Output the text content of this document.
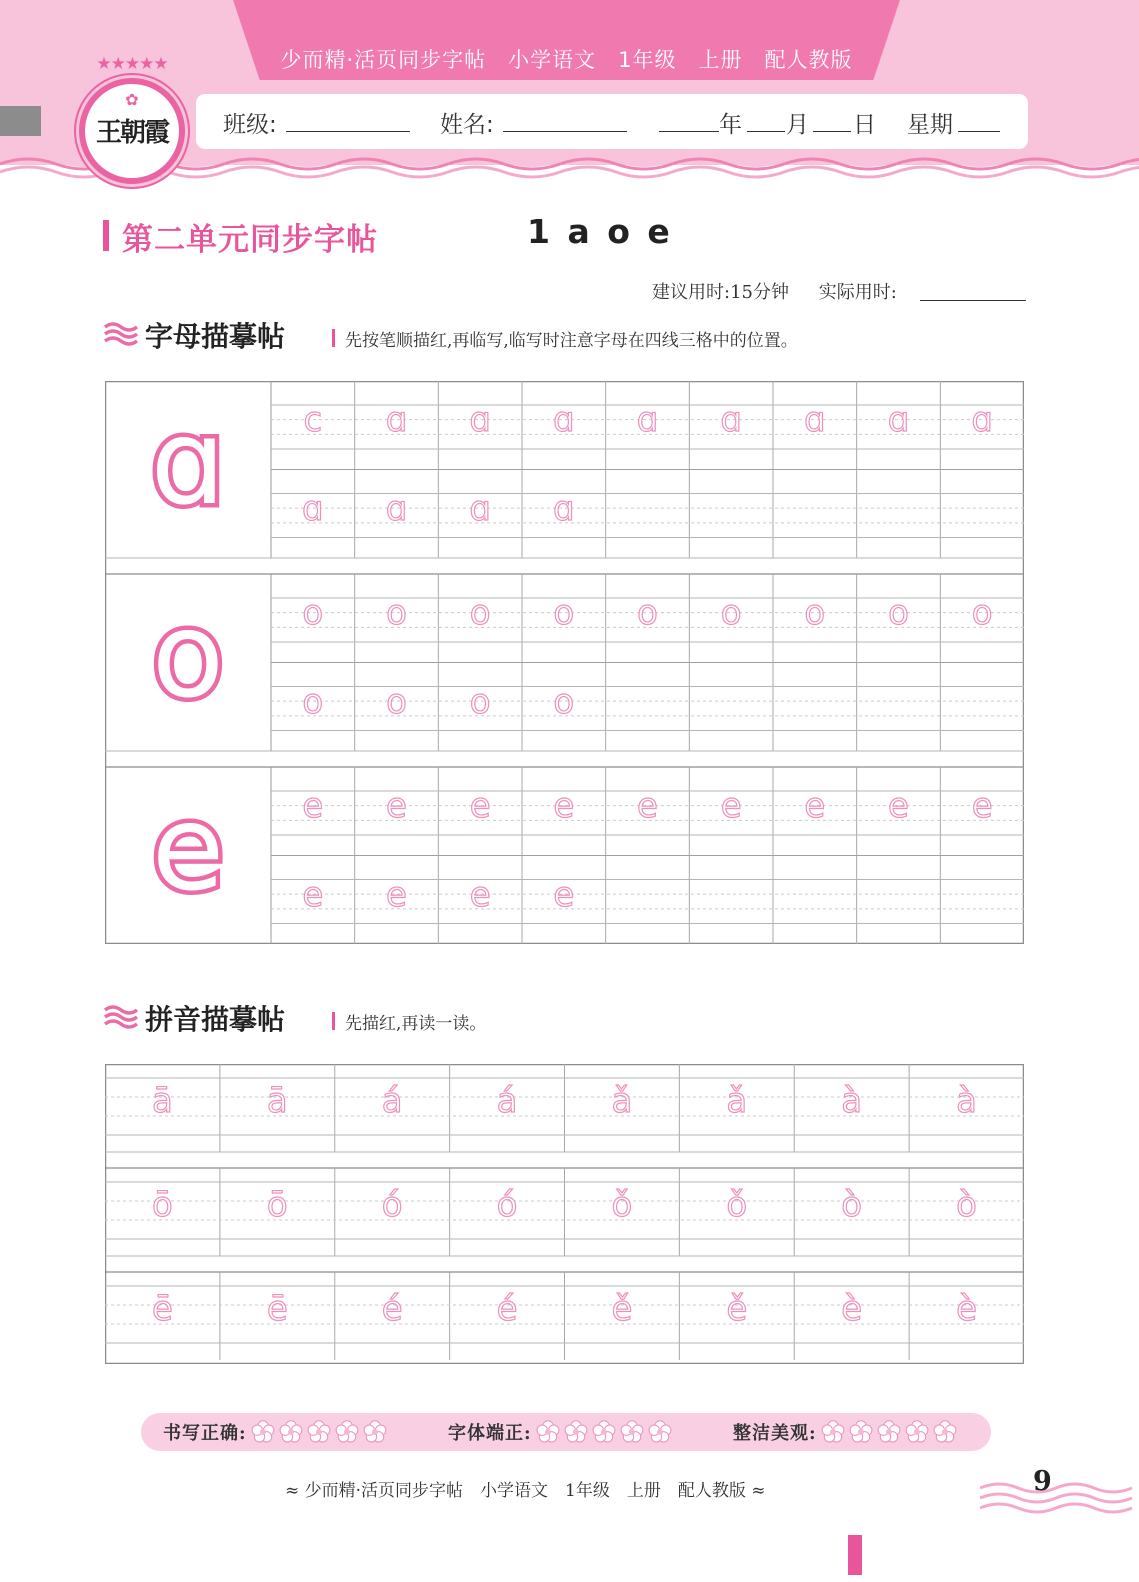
少而精·活页同步字帖　小学语文　1年级　上册　配人教版
★★★★★
✿
王朝霞	班级:	姓名:	年 月 日 星期
第二单元同步字帖	1 a o e
建议用时:15分钟 实际用时:
字母描摹帖	先按笔顺描红,再临写,临写时注意字母在四线三格中的位置。
ɑ	c	ɑ	ɑ	ɑ	ɑ	ɑ	ɑ	ɑ	ɑ
ɑ	ɑ	ɑ	ɑ
o	o	o	o	o	o	o	o	o	o
o	o	o	o
e	e	e	e	e	e	e	e	e	e
e	e	e	e
拼音描摹帖	先描红,再读一读。
ā	ā	á	á	ǎ	ǎ	à	à
ō	ō	ó	ó	ǒ	ǒ	ò	ò
ē	ē	é	é	ě	ě	è	è
书写正确:	字体端正:	整洁美观:
≈ 少而精·活页同步字帖　小学语文　1年级　上册　配人教版 ≈	9
